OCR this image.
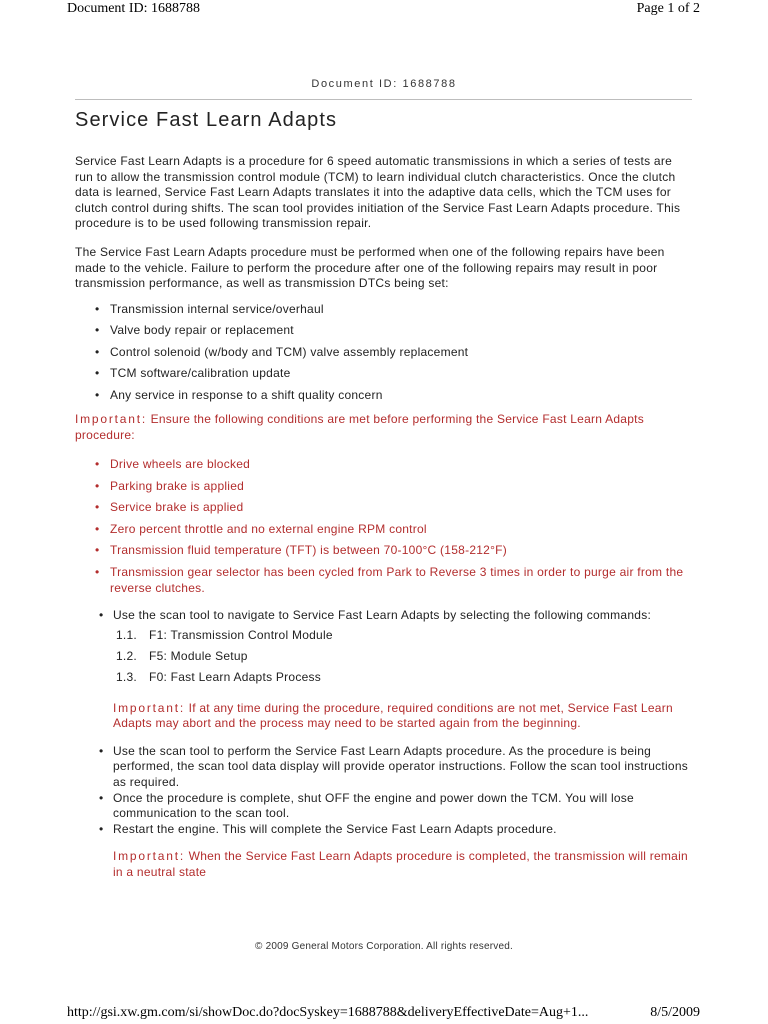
Document ID: 1688788	Page 1 of 2
Document ID: 1688788
Service Fast Learn Adapts

Service Fast Learn Adapts is a procedure for 6 speed automatic transmissions in which a series of tests are run to allow the transmission control module (TCM) to learn individual clutch characteristics. Once the clutch data is learned, Service Fast Learn Adapts translates it into the adaptive data cells, which the TCM uses for clutch control during shifts. The scan tool provides initiation of the Service Fast Learn Adapts procedure. This procedure is to be used following transmission repair.

The Service Fast Learn Adapts procedure must be performed when one of the following repairs have been made to the vehicle. Failure to perform the procedure after one of the following repairs may result in poor transmission performance, as well as transmission DTCs being set:

• Transmission internal service/overhaul
• Valve body repair or replacement
• Control solenoid (w/body and TCM) valve assembly replacement
• TCM software/calibration update
• Any service in response to a shift quality concern

Important: Ensure the following conditions are met before performing the Service Fast Learn Adapts procedure:

• Drive wheels are blocked
• Parking brake is applied
• Service brake is applied
• Zero percent throttle and no external engine RPM control
• Transmission fluid temperature (TFT) is between 70-100°C (158-212°F)
• Transmission gear selector has been cycled from Park to Reverse 3 times in order to purge air from the reverse clutches.
• Use the scan tool to navigate to Service Fast Learn Adapts by selecting the following commands:
1.1. F1: Transmission Control Module
1.2. F5: Module Setup
1.3. F0: Fast Learn Adapts Process

Important: If at any time during the procedure, required conditions are not met, Service Fast Learn Adapts may abort and the process may need to be started again from the beginning.

• Use the scan tool to perform the Service Fast Learn Adapts procedure. As the procedure is being performed, the scan tool data display will provide operator instructions. Follow the scan tool instructions as required.
• Once the procedure is complete, shut OFF the engine and power down the TCM. You will lose communication to the scan tool.
• Restart the engine. This will complete the Service Fast Learn Adapts procedure.

Important: When the Service Fast Learn Adapts procedure is completed, the transmission will remain in a neutral state

© 2009 General Motors Corporation. All rights reserved.
http://gsi.xw.gm.com/si/showDoc.do?docSyskey=1688788&deliveryEffectiveDate=Aug+1...	8/5/2009
